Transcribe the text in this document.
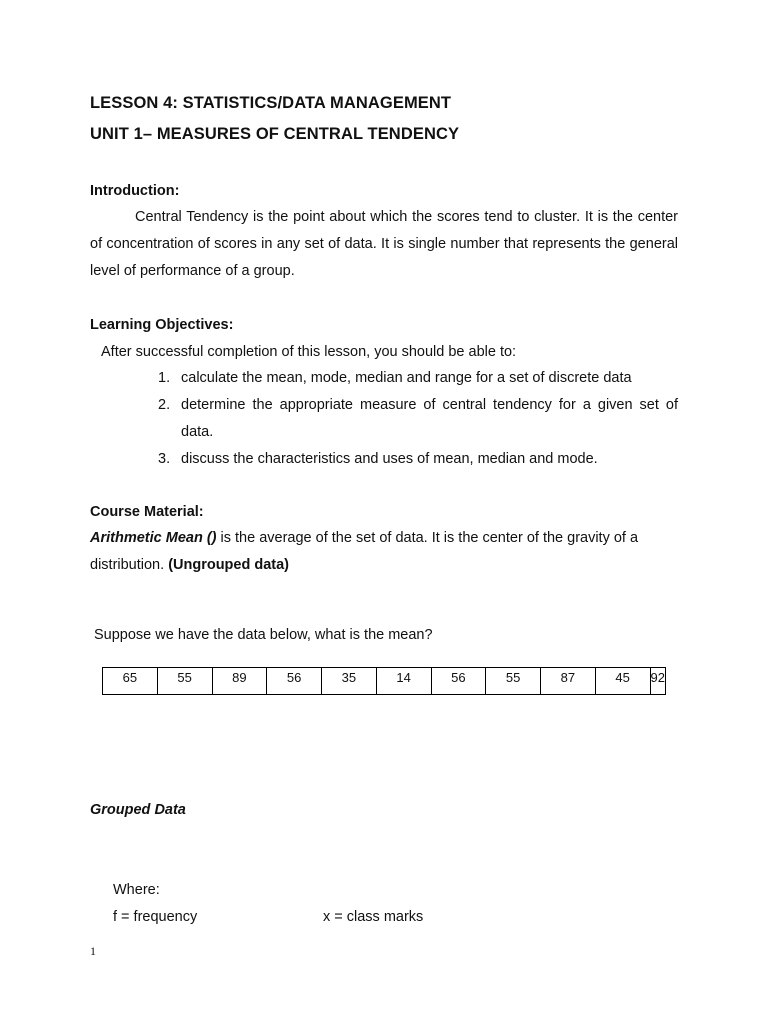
LESSON 4: STATISTICS/DATA MANAGEMENT
UNIT 1– MEASURES OF CENTRAL TENDENCY
Introduction:
Central Tendency is the point about which the scores tend to cluster. It is the center of concentration of scores in any set of data. It is single number that represents the general level of performance of a group.
Learning Objectives:
After successful completion of this lesson, you should be able to:
1. calculate the mean, mode, median and range for a set of discrete data
2. determine the appropriate measure of central tendency for a given set of data.
3. discuss the characteristics and uses of mean, median and mode.
Course Material:
Arithmetic Mean () is the average of the set of data. It is the center of the gravity of a distribution. (Ungrouped data)
Suppose we have the data below, what is the mean?
65	55	89	56	35	14	56	55	87	45	92
Grouped Data
Where:
f = frequency	x = class marks
1
